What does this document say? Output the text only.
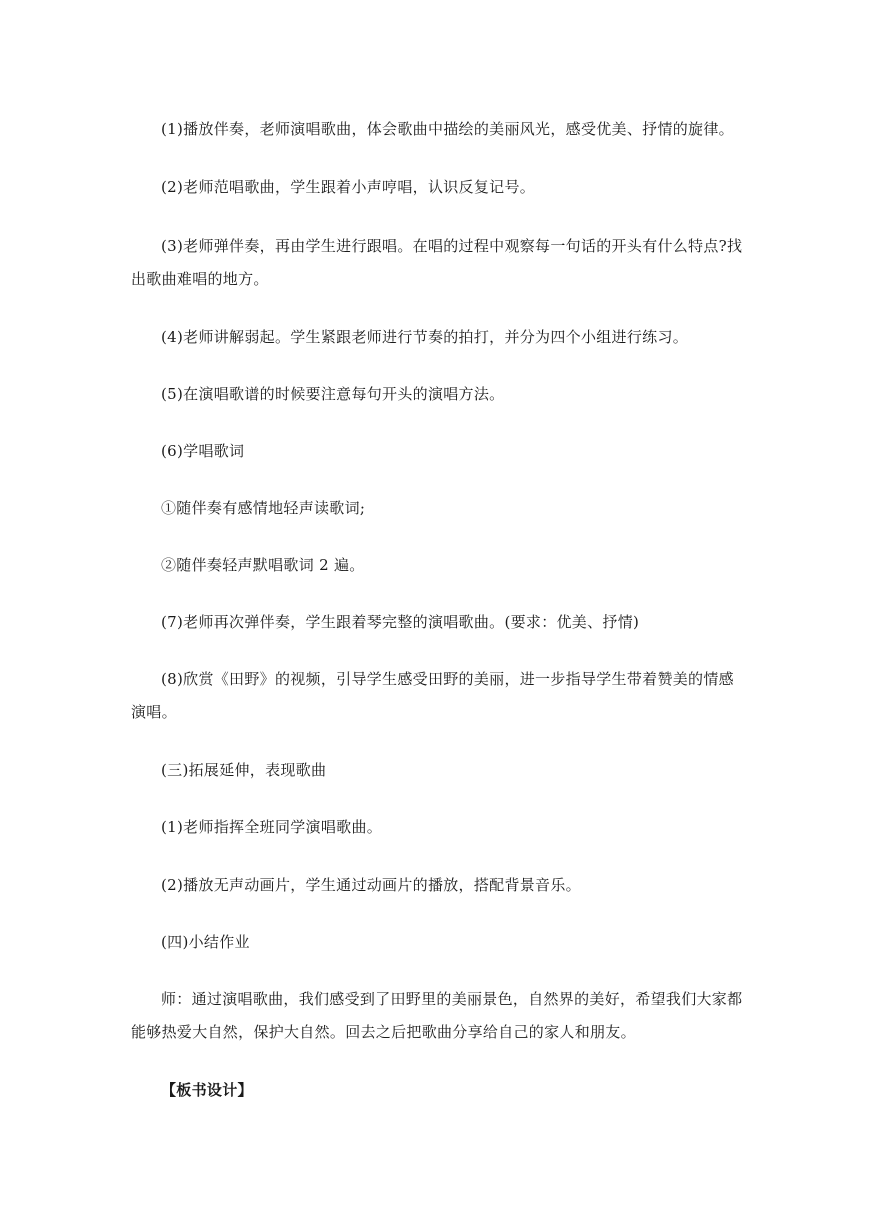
(1)播放伴奏，老师演唱歌曲，体会歌曲中描绘的美丽风光，感受优美、抒情的旋律。

(2)老师范唱歌曲，学生跟着小声哼唱，认识反复记号。

(3)老师弹伴奏，再由学生进行跟唱。在唱的过程中观察每一句话的开头有什么特点?找出歌曲难唱的地方。

(4)老师讲解弱起。学生紧跟老师进行节奏的拍打，并分为四个小组进行练习。

(5)在演唱歌谱的时候要注意每句开头的演唱方法。

(6)学唱歌词

①随伴奏有感情地轻声读歌词;

②随伴奏轻声默唱歌词 2 遍。

(7)老师再次弹伴奏，学生跟着琴完整的演唱歌曲。(要求：优美、抒情)

(8)欣赏《田野》的视频，引导学生感受田野的美丽，进一步指导学生带着赞美的情感演唱。

(三)拓展延伸，表现歌曲

(1)老师指挥全班同学演唱歌曲。

(2)播放无声动画片，学生通过动画片的播放，搭配背景音乐。

(四)小结作业

师：通过演唱歌曲，我们感受到了田野里的美丽景色，自然界的美好，希望我们大家都能够热爱大自然，保护大自然。回去之后把歌曲分享给自己的家人和朋友。

【板书设计】
